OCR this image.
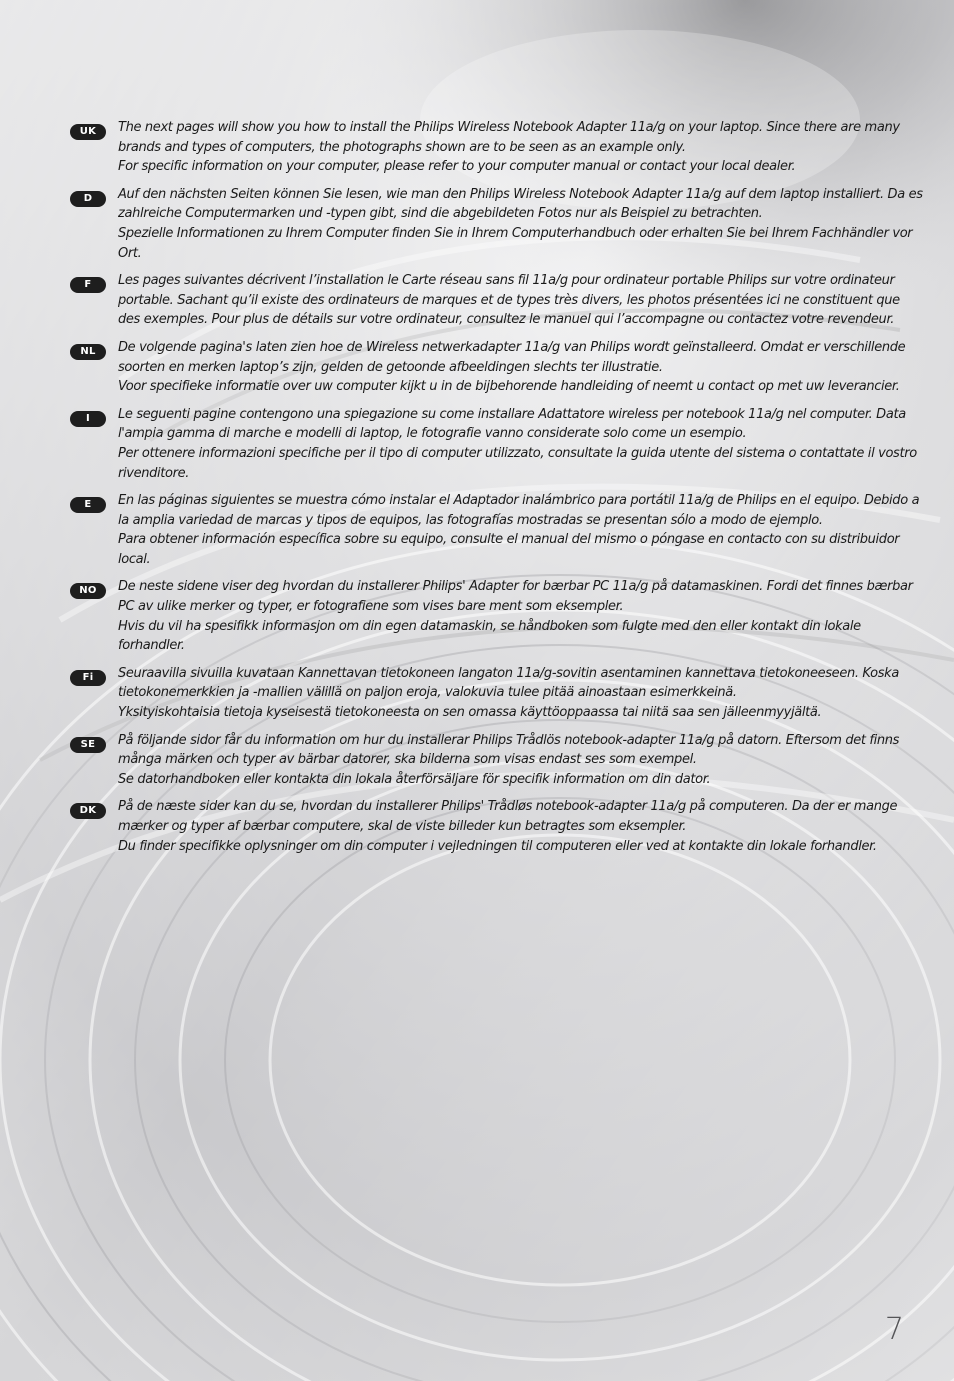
UK	The next pages will show you how to install the Philips Wireless Notebook Adapter 11a/g on your laptop. Since there are many brands and types of computers, the photographs shown are to be seen as an example only.

For specific information on your computer, please refer to your computer manual or contact your local dealer.

D	Auf den nächsten Seiten können Sie lesen, wie man den Philips Wireless Notebook Adapter 11a/g auf dem laptop installiert. Da es zahlreiche Computermarken und -typen gibt, sind die abgebildeten Fotos nur als Beispiel zu betrachten.

Spezielle Informationen zu Ihrem Computer finden Sie in Ihrem Computerhandbuch oder erhalten Sie bei Ihrem Fachhändler vor Ort.

F	Les pages suivantes décrivent l’installation le Carte réseau sans fil 11a/g pour ordinateur portable Philips sur votre ordinateur portable. Sachant qu’il existe des ordinateurs de marques et de types très divers, les photos présentées ici ne constituent que des exemples. Pour plus de détails sur votre ordinateur, consultez le manuel qui l’accompagne ou contactez votre revendeur.

NL	De volgende pagina's laten zien hoe de Wireless netwerkadapter 11a/g van Philips wordt geïnstalleerd. Omdat er verschillende soorten en merken laptop’s zijn, gelden de getoonde afbeeldingen slechts ter illustratie.

Voor specifieke informatie over uw computer kijkt u in de bijbehorende handleiding of neemt u contact op met uw leverancier.

I	Le seguenti pagine contengono una spiegazione su come installare Adattatore wireless per notebook 11a/g nel computer. Data l'ampia gamma di marche e modelli di laptop, le fotografie vanno considerate solo come un esempio.

Per ottenere informazioni specifiche per il tipo di computer utilizzato, consultate la guida utente del sistema o contattate il vostro rivenditore.

E	En las páginas siguientes se muestra cómo instalar el Adaptador inalámbrico para portátil 11a/g de Philips en el equipo. Debido a la amplia variedad de marcas y tipos de equipos, las fotografías mostradas se presentan sólo a modo de ejemplo.

Para obtener información específica sobre su equipo, consulte el manual del mismo o póngase en contacto con su distribuidor local.

NO	De neste sidene viser deg hvordan du installerer Philips' Adapter for bærbar PC 11a/g på datamaskinen. Fordi det finnes bærbar PC av ulike merker og typer, er fotografiene som vises bare ment som eksempler.

Hvis du vil ha spesifikk informasjon om din egen datamaskin, se håndboken som fulgte med den eller kontakt din lokale forhandler.

Fi	Seuraavilla sivuilla kuvataan Kannettavan tietokoneen langaton 11a/g-sovitin asentaminen kannettava tietokoneeseen. Koska tietokonemerkkien ja -mallien välillä on paljon eroja, valokuvia tulee pitää ainoastaan esimerkkeinä.

Yksityiskohtaisia tietoja kyseisestä tietokoneesta on sen omassa käyttöoppaassa tai niitä saa sen jälleenmyyjältä.

SE	På följande sidor får du information om hur du installerar Philips Trådlös notebook-adapter 11a/g på datorn. Eftersom det finns många märken och typer av bärbar datorer, ska bilderna som visas endast ses som exempel.

Se datorhandboken eller kontakta din lokala återförsäljare för specifik information om din dator.

DK	På de næste sider kan du se, hvordan du installerer Philips' Trådløs notebook-adapter 11a/g på computeren. Da der er mange mærker og typer af bærbar computere, skal de viste billeder kun betragtes som eksempler.

Du finder specifikke oplysninger om din computer i vejledningen til computeren eller ved at kontakte din lokale forhandler.

7
